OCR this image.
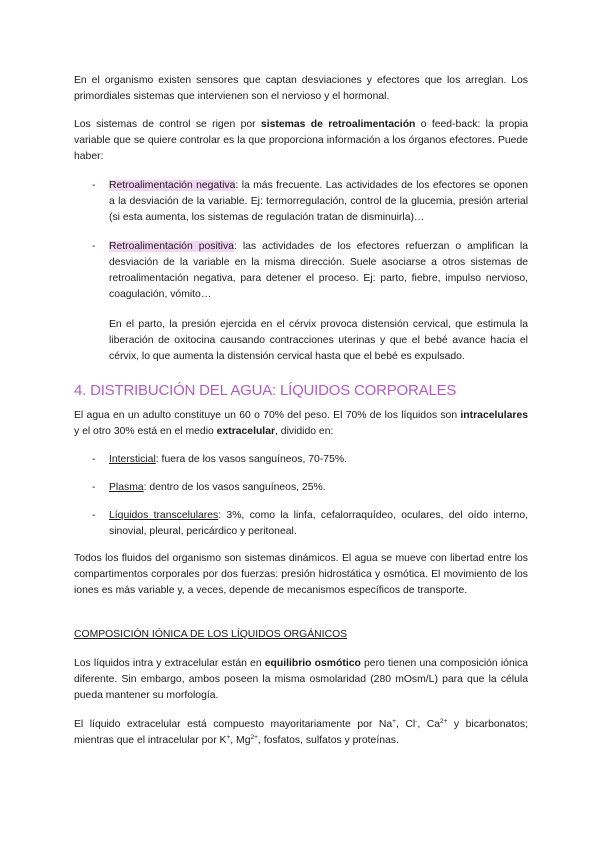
En el organismo existen sensores que captan desviaciones y efectores que los arreglan. Los primordiales sistemas que intervienen son el nervioso y el hormonal.

Los sistemas de control se rigen por sistemas de retroalimentación o feed-back: la propia variable que se quiere controlar es la que proporciona información a los órganos efectores. Puede haber:

- Retroalimentación negativa: la más frecuente. Las actividades de los efectores se oponen a la desviación de la variable. Ej: termorregulación, control de la glucemia, presión arterial (si esta aumenta, los sistemas de regulación tratan de disminuirla)…

- Retroalimentación positiva: las actividades de los efectores refuerzan o amplifican la desviación de la variable en la misma dirección. Suele asociarse a otros sistemas de retroalimentación negativa, para detener el proceso. Ej: parto, fiebre, impulso nervioso, coagulación, vómito…

En el parto, la presión ejercida en el cérvix provoca distensión cervical, que estimula la liberación de oxitocina causando contracciones uterinas y que el bebé avance hacia el cérvix, lo que aumenta la distensión cervical hasta que el bebé es expulsado.

4. DISTRIBUCIÓN DEL AGUA: LÍQUIDOS CORPORALES

El agua en un adulto constituye un 60 o 70% del peso. El 70% de los líquidos son intracelulares y el otro 30% está en el medio extracelular, dividido en:

- Intersticial: fuera de los vasos sanguíneos, 70-75%.

- Plasma: dentro de los vasos sanguíneos, 25%.

- Líquidos transcelulares: 3%, como la linfa, cefalorraquídeo, oculares, del oído interno, sinovial, pleural, pericárdico y peritoneal.

Todos los fluidos del organismo son sistemas dinámicos. El agua se mueve con libertad entre los compartimentos corporales por dos fuerzas: presión hidrostática y osmótica. El movimiento de los iones es más variable y, a veces, depende de mecanismos específicos de transporte.

COMPOSICIÓN IÓNICA DE LOS LÍQUIDOS ORGÁNICOS

Los líquidos intra y extracelular están en equilibrio osmótico pero tienen una composición iónica diferente. Sin embargo, ambos poseen la misma osmolaridad (280 mOsm/L) para que la célula pueda mantener su morfología.

El líquido extracelular está compuesto mayoritariamente por Na+, Cl-, $Ca^{2+}$ y bicarbonatos; mientras que el intracelular por K+, $Mg^{2+}$, fosfatos, sulfatos y proteínas.
